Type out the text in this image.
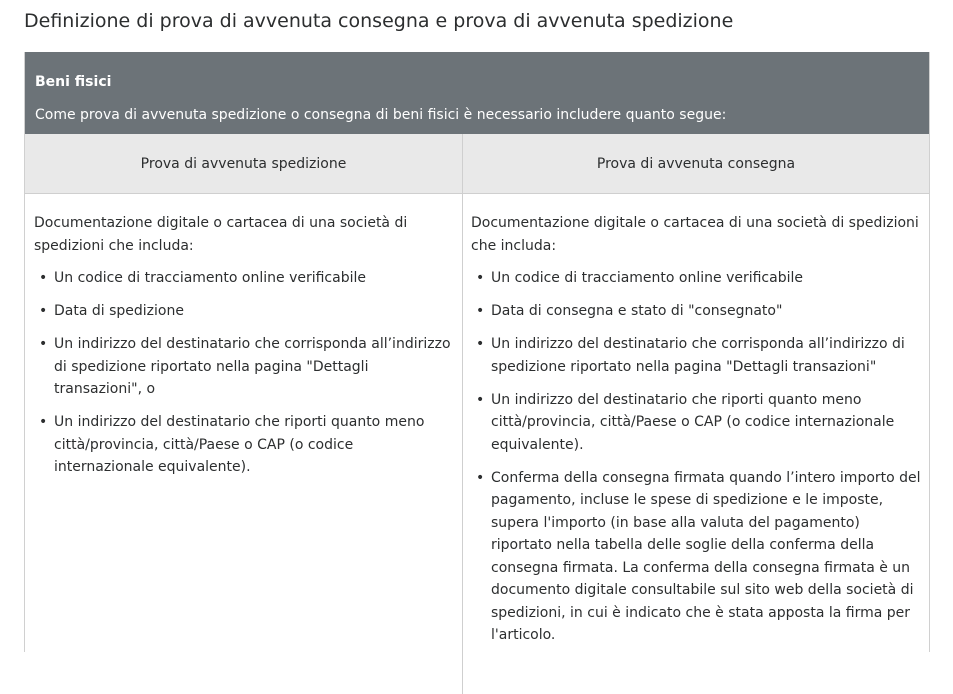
Definizione di prova di avvenuta consegna e prova di avvenuta spedizione
Beni fisici
Come prova di avvenuta spedizione o consegna di beni fisici è necessario includere quanto segue:
Prova di avvenuta spedizione	Prova di avvenuta consegna

Documentazione digitale o cartacea di una società di spedizioni che includa:

• Un codice di tracciamento online verificabile
• Data di spedizione
• Un indirizzo del destinatario che corrisponda all’indirizzo di spedizione riportato nella pagina "Dettagli transazioni", o
• Un indirizzo del destinatario che riporti quanto meno città/provincia, città/Paese o CAP (o codice internazionale equivalente).

Documentazione digitale o cartacea di una società di spedizioni che includa:

• Un codice di tracciamento online verificabile
• Data di consegna e stato di "consegnato"
• Un indirizzo del destinatario che corrisponda all’indirizzo di spedizione riportato nella pagina "Dettagli transazioni"
• Un indirizzo del destinatario che riporti quanto meno città/provincia, città/Paese o CAP (o codice internazionale equivalente).
• Conferma della consegna firmata quando l’intero importo del pagamento, incluse le spese di spedizione e le imposte, supera l'importo (in base alla valuta del pagamento) riportato nella tabella delle soglie della conferma della consegna firmata. La conferma della consegna firmata è un documento digitale consultabile sul sito web della società di spedizioni, in cui è indicato che è stata apposta la firma per l'articolo.
